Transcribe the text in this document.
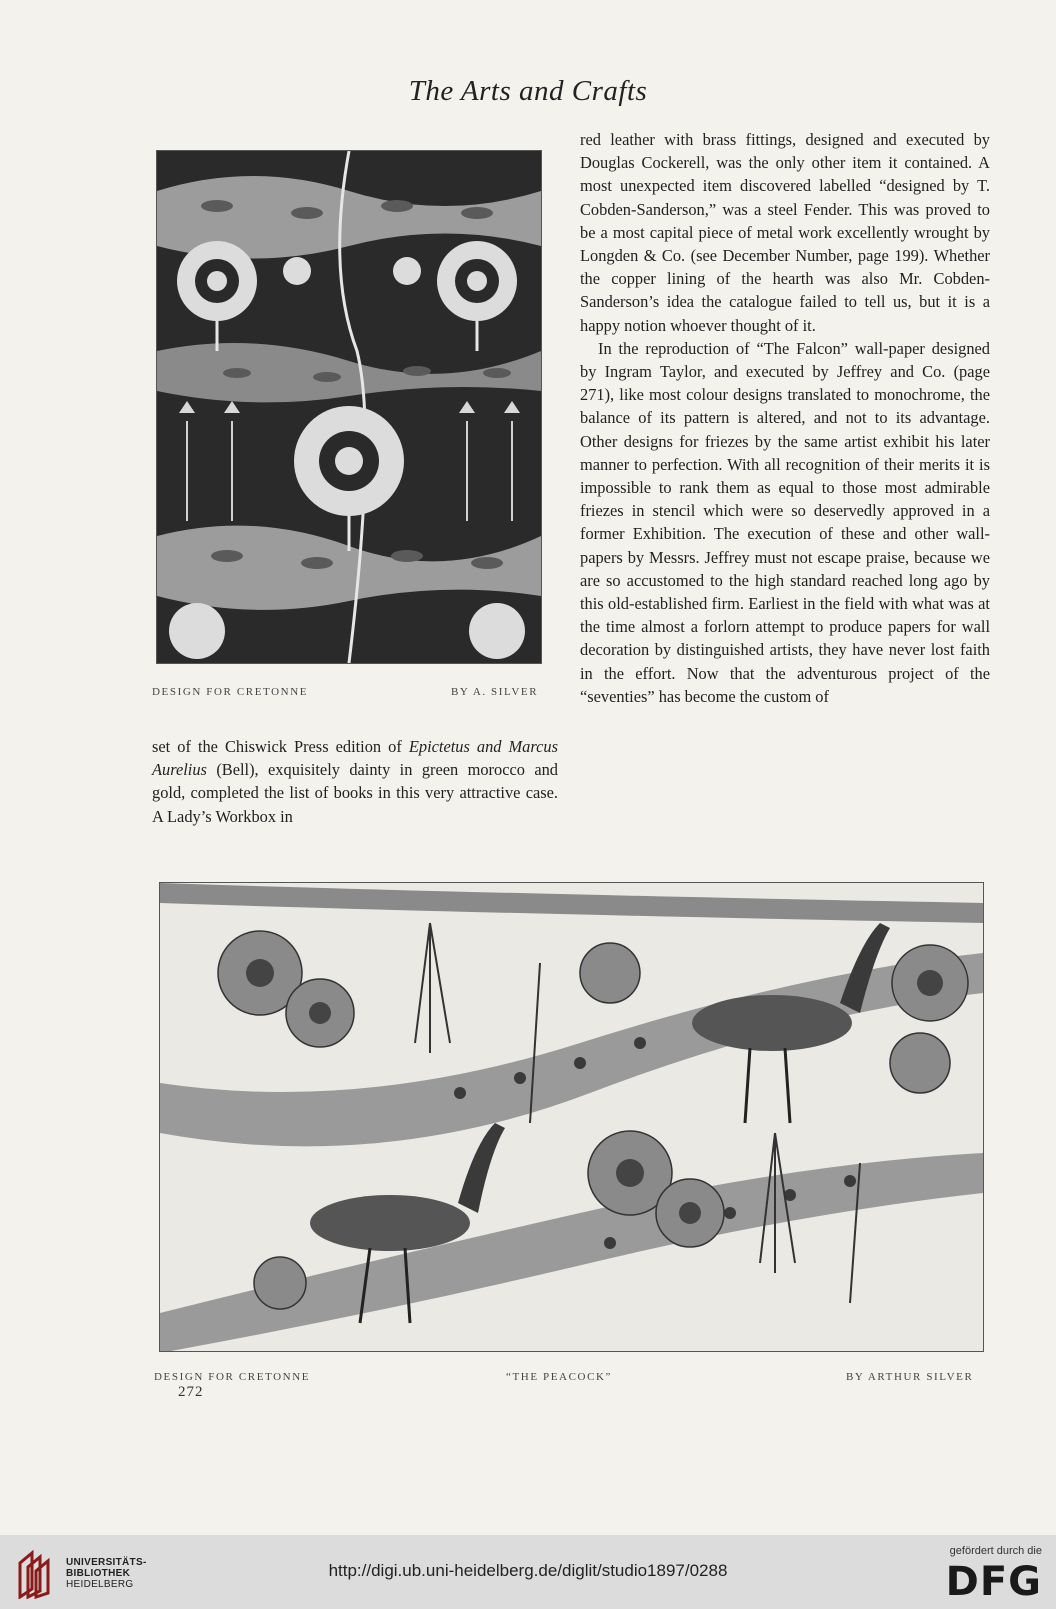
The Arts and Crafts
DESIGN FOR CRETONNE	BY A. SILVER

red leather with brass fittings, designed and executed by Douglas Cockerell, was the only other item it contained. A most unexpected item discovered labelled “designed by T. Cobden-Sanderson,” was a steel Fender. This was proved to be a most capital piece of metal work excellently wrought by Longden & Co. (see December Number, page 199). Whether the copper lining of the hearth was also Mr. Cobden-Sanderson’s idea the catalogue failed to tell us, but it is a happy notion whoever thought of it.

In the reproduction of “The Falcon” wall-paper designed by Ingram Taylor, and executed by Jeffrey and Co. (page 271), like most colour designs translated to monochrome, the balance of its pattern is altered, and not to its advantage. Other designs for friezes by the same artist exhibit his later manner to perfection. With all recognition of their merits it is impossible to rank them as equal to those most admirable friezes in stencil which were so deservedly approved in a former Exhibition. The execution of these and other wall-papers by Messrs. Jeffrey must not escape praise, because we are so accustomed to the high standard reached long ago by this old-established firm. Earliest in the field with what was at the time almost a forlorn attempt to produce papers for wall decoration by distinguished artists, they have never lost faith in the effort. Now that the adventurous project of the “seventies” has become the custom of

set of the Chiswick Press edition of Epictetus and Marcus Aurelius (Bell), exquisitely dainty in green morocco and gold, completed the list of books in this very attractive case. A Lady’s Workbox in

DESIGN FOR CRETONNE	“THE PEACOCK”	BY ARTHUR SILVER
272
UNIVERSITÄTS-
BIBLIOTHEK
HEIDELBERG
http://digi.ub.uni-heidelberg.de/diglit/studio1897/0288
gefördert durch die
DFG
